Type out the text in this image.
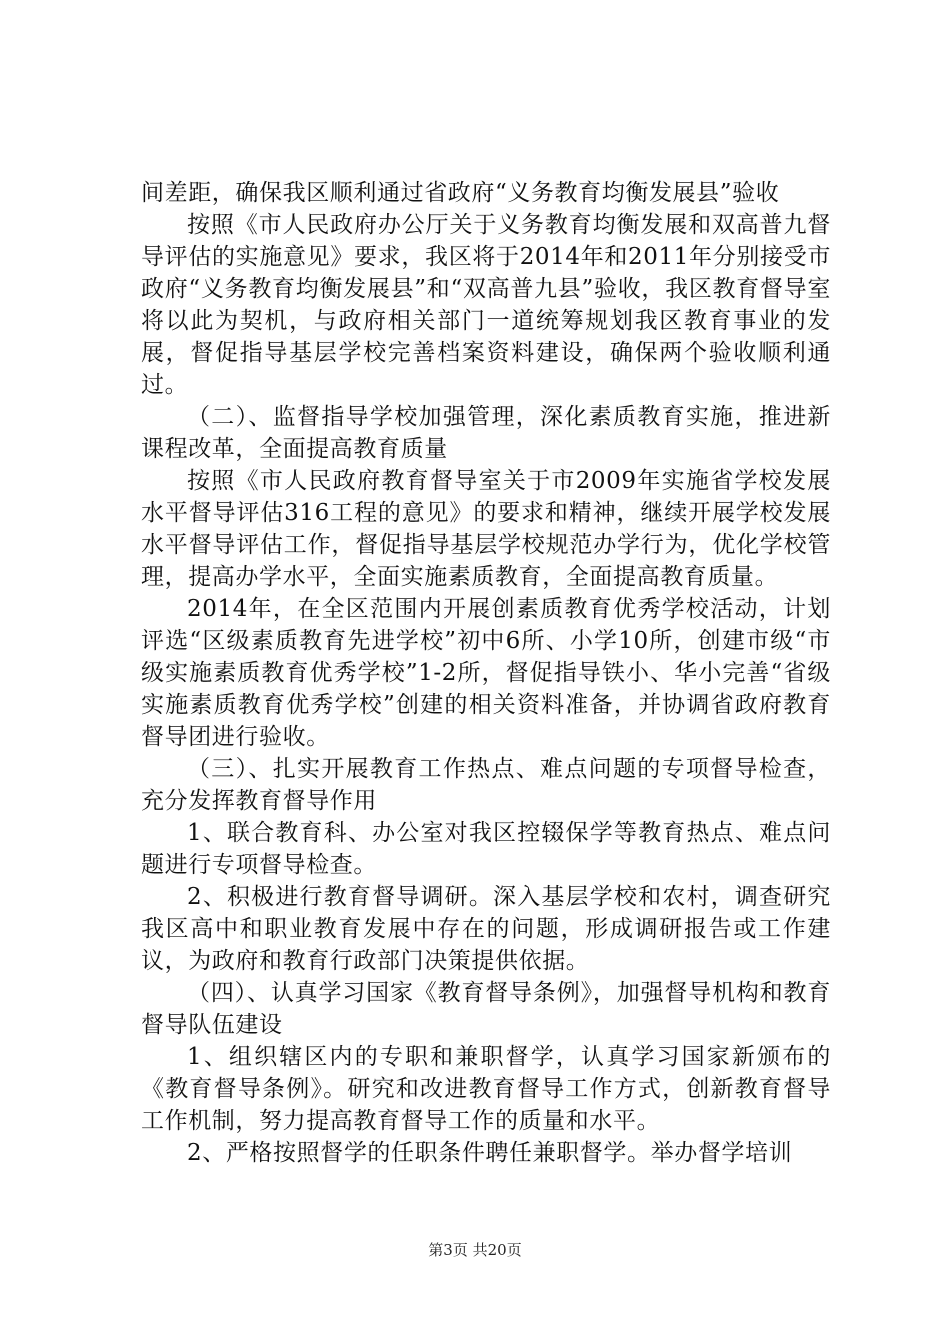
间差距，确保我区顺利通过省政府“义务教育均衡发展县”验收

按照《市人民政府办公厅关于义务教育均衡发展和双高普九督导评估的实施意见》要求，我区将于2014年和2011年分别接受市政府“义务教育均衡发展县”和“双高普九县”验收，我区教育督导室将以此为契机，与政府相关部门一道统筹规划我区教育事业的发展，督促指导基层学校完善档案资料建设，确保两个验收顺利通过。

（二）、监督指导学校加强管理，深化素质教育实施，推进新课程改革，全面提高教育质量

按照《市人民政府教育督导室关于市2009年实施省学校发展水平督导评估316工程的意见》的要求和精神，继续开展学校发展水平督导评估工作，督促指导基层学校规范办学行为，优化学校管理，提高办学水平，全面实施素质教育，全面提高教育质量。

2014年，在全区范围内开展创素质教育优秀学校活动，计划评选“区级素质教育先进学校”初中6所、小学10所，创建市级“市级实施素质教育优秀学校”1-2所，督促指导铁小、华小完善“省级实施素质教育优秀学校”创建的相关资料准备，并协调省政府教育督导团进行验收。

（三）、扎实开展教育工作热点、难点问题的专项督导检查，充分发挥教育督导作用

1、联合教育科、办公室对我区控辍保学等教育热点、难点问题进行专项督导检查。

2、积极进行教育督导调研。深入基层学校和农村，调查研究我区高中和职业教育发展中存在的问题，形成调研报告或工作建议，为政府和教育行政部门决策提供依据。

（四）、认真学习国家《教育督导条例》，加强督导机构和教育督导队伍建设

1、组织辖区内的专职和兼职督学，认真学习国家新颁布的《教育督导条例》。研究和改进教育督导工作方式，创新教育督导工作机制，努力提高教育督导工作的质量和水平。

2、严格按照督学的任职条件聘任兼职督学。举办督学培训

第3页 共20页
